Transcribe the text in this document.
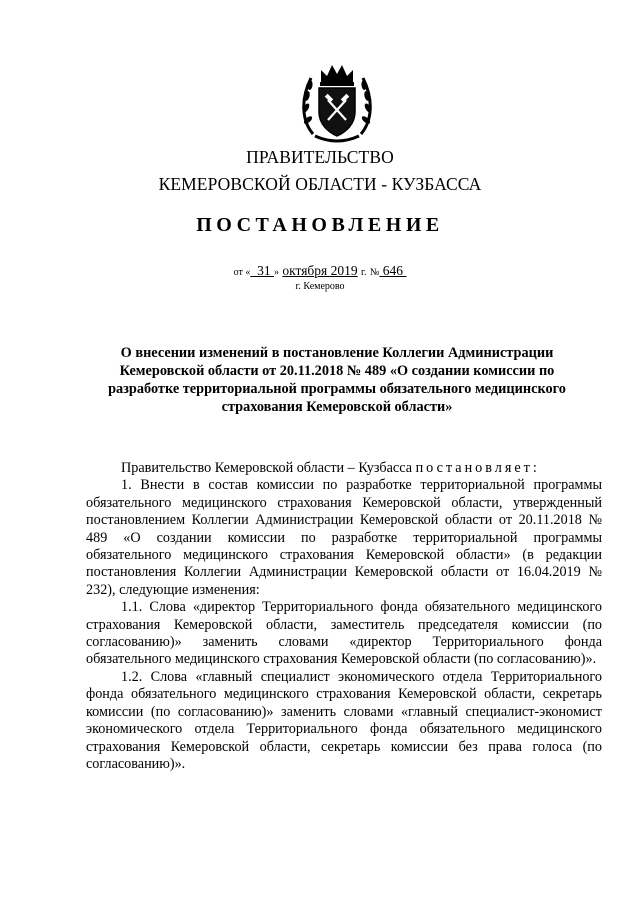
ПРАВИТЕЛЬСТВО
КЕМЕРОВСКОЙ ОБЛАСТИ - КУЗБАССА
ПОСТАНОВЛЕНИЕ
от « 31 » октября 2019 г. № 646
г. Кемерово
О внесении изменений в постановление Коллегии Администрации Кемеровской области от 20.11.2018 № 489 «О создании комиссии по разработке территориальной программы обязательного медицинского страхования Кемеровской области»

Правительство Кемеровской области – Кузбасса постановляет:

1. Внести в состав комиссии по разработке территориальной программы обязательного медицинского страхования Кемеровской области, утвержденный постановлением Коллегии Администрации Кемеровской области от 20.11.2018 № 489 «О создании комиссии по разработке территориальной программы обязательного медицинского страхования Кемеровской области» (в редакции постановления Коллегии Администрации Кемеровской области от 16.04.2019 № 232), следующие изменения:

1.1. Слова «директор Территориального фонда обязательного медицинского страхования Кемеровской области, заместитель председателя комиссии (по согласованию)» заменить словами «директор Территориального фонда обязательного медицинского страхования Кемеровской области (по согласованию)».

1.2. Слова «главный специалист экономического отдела Территориального фонда обязательного медицинского страхования Кемеровской области, секретарь комиссии (по согласованию)» заменить словами «главный специалист-экономист экономического отдела Территориального фонда обязательного медицинского страхования Кемеровской области, секретарь комиссии без права голоса (по согласованию)».
